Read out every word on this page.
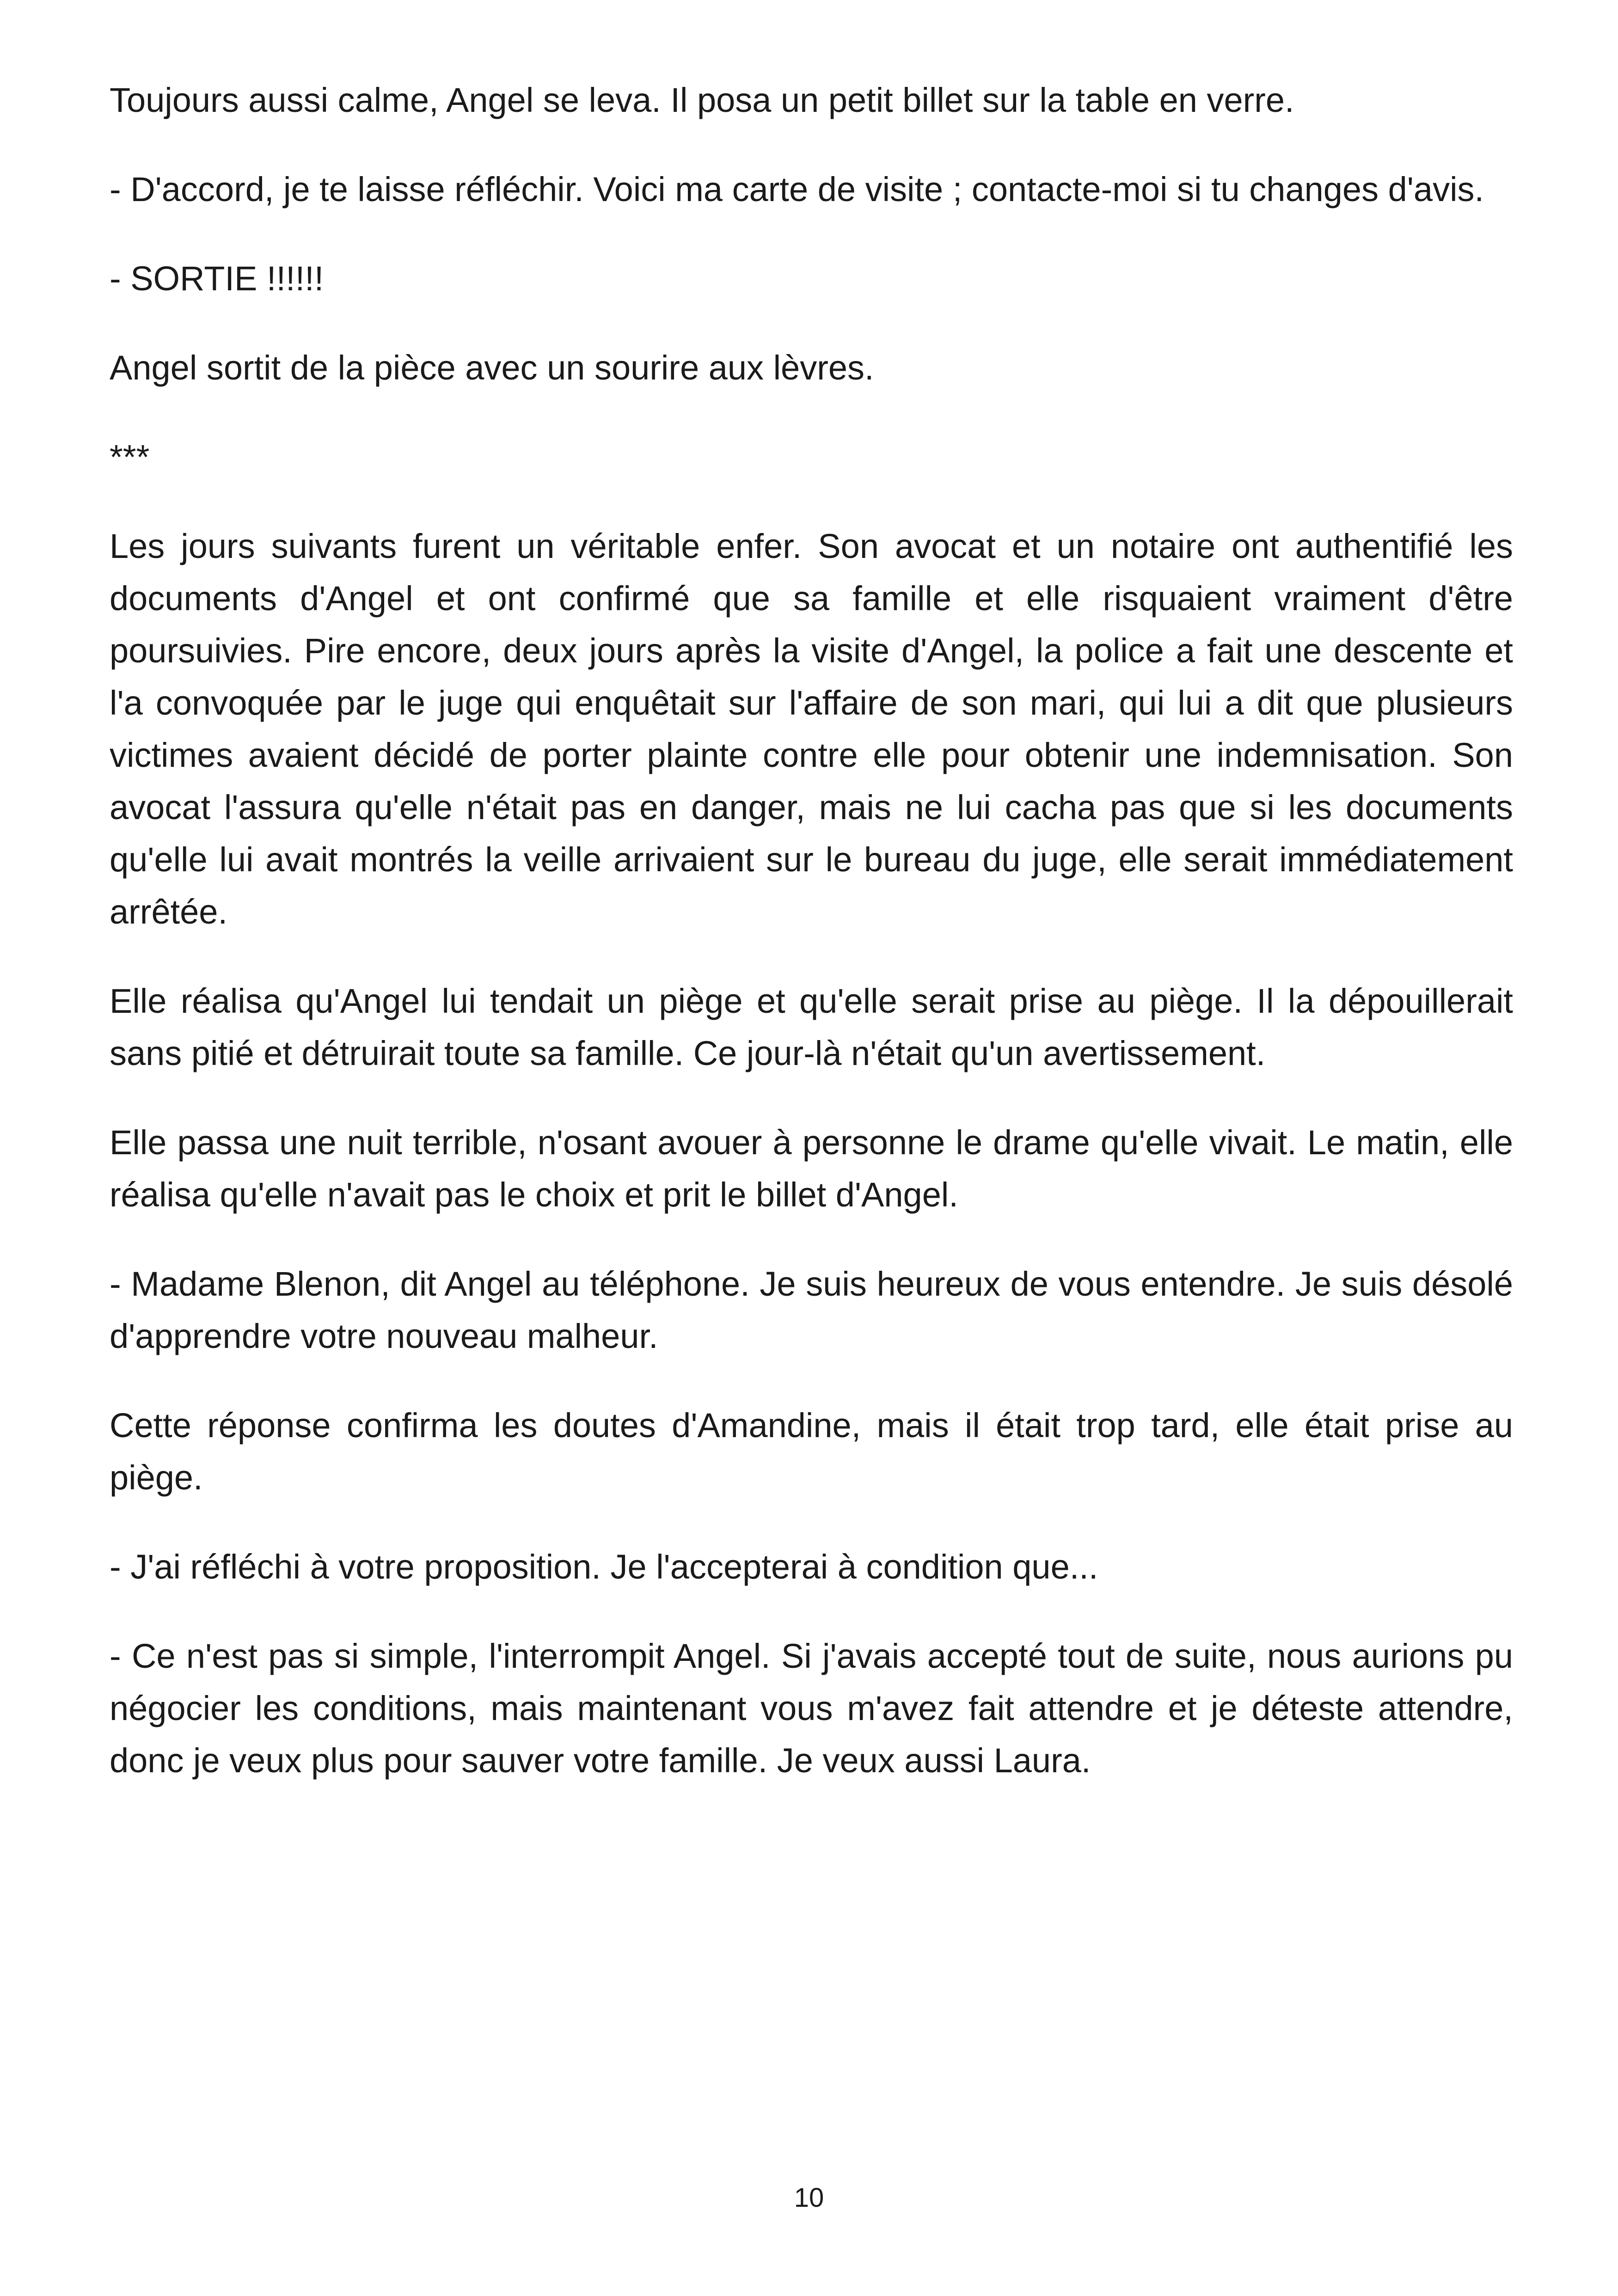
Toujours aussi calme, Angel se leva. Il posa un petit billet sur la table en verre.

- D'accord, je te laisse réfléchir. Voici ma carte de visite ; contacte-moi si tu changes d'avis.

- SORTIE !!!!!!

Angel sortit de la pièce avec un sourire aux lèvres.

***

Les jours suivants furent un véritable enfer. Son avocat et un notaire ont authentifié les documents d'Angel et ont confirmé que sa famille et elle risquaient vraiment d'être poursuivies. Pire encore, deux jours après la visite d'Angel, la police a fait une descente et l'a convoquée par le juge qui enquêtait sur l'affaire de son mari, qui lui a dit que plusieurs victimes avaient décidé de porter plainte contre elle pour obtenir une indemnisation. Son avocat l'assura qu'elle n'était pas en danger, mais ne lui cacha pas que si les documents qu'elle lui avait montrés la veille arrivaient sur le bureau du juge, elle serait immédiatement arrêtée.

Elle réalisa qu'Angel lui tendait un piège et qu'elle serait prise au piège. Il la dépouillerait sans pitié et détruirait toute sa famille. Ce jour-là n'était qu'un avertissement.

Elle passa une nuit terrible, n'osant avouer à personne le drame qu'elle vivait. Le matin, elle réalisa qu'elle n'avait pas le choix et prit le billet d'Angel.

- Madame Blenon, dit Angel au téléphone. Je suis heureux de vous entendre. Je suis désolé d'apprendre votre nouveau malheur.

Cette réponse confirma les doutes d'Amandine, mais il était trop tard, elle était prise au piège.

- J'ai réfléchi à votre proposition. Je l'accepterai à condition que...

- Ce n'est pas si simple, l'interrompit Angel. Si j'avais accepté tout de suite, nous aurions pu négocier les conditions, mais maintenant vous m'avez fait attendre et je déteste attendre, donc je veux plus pour sauver votre famille. Je veux aussi Laura.

10
